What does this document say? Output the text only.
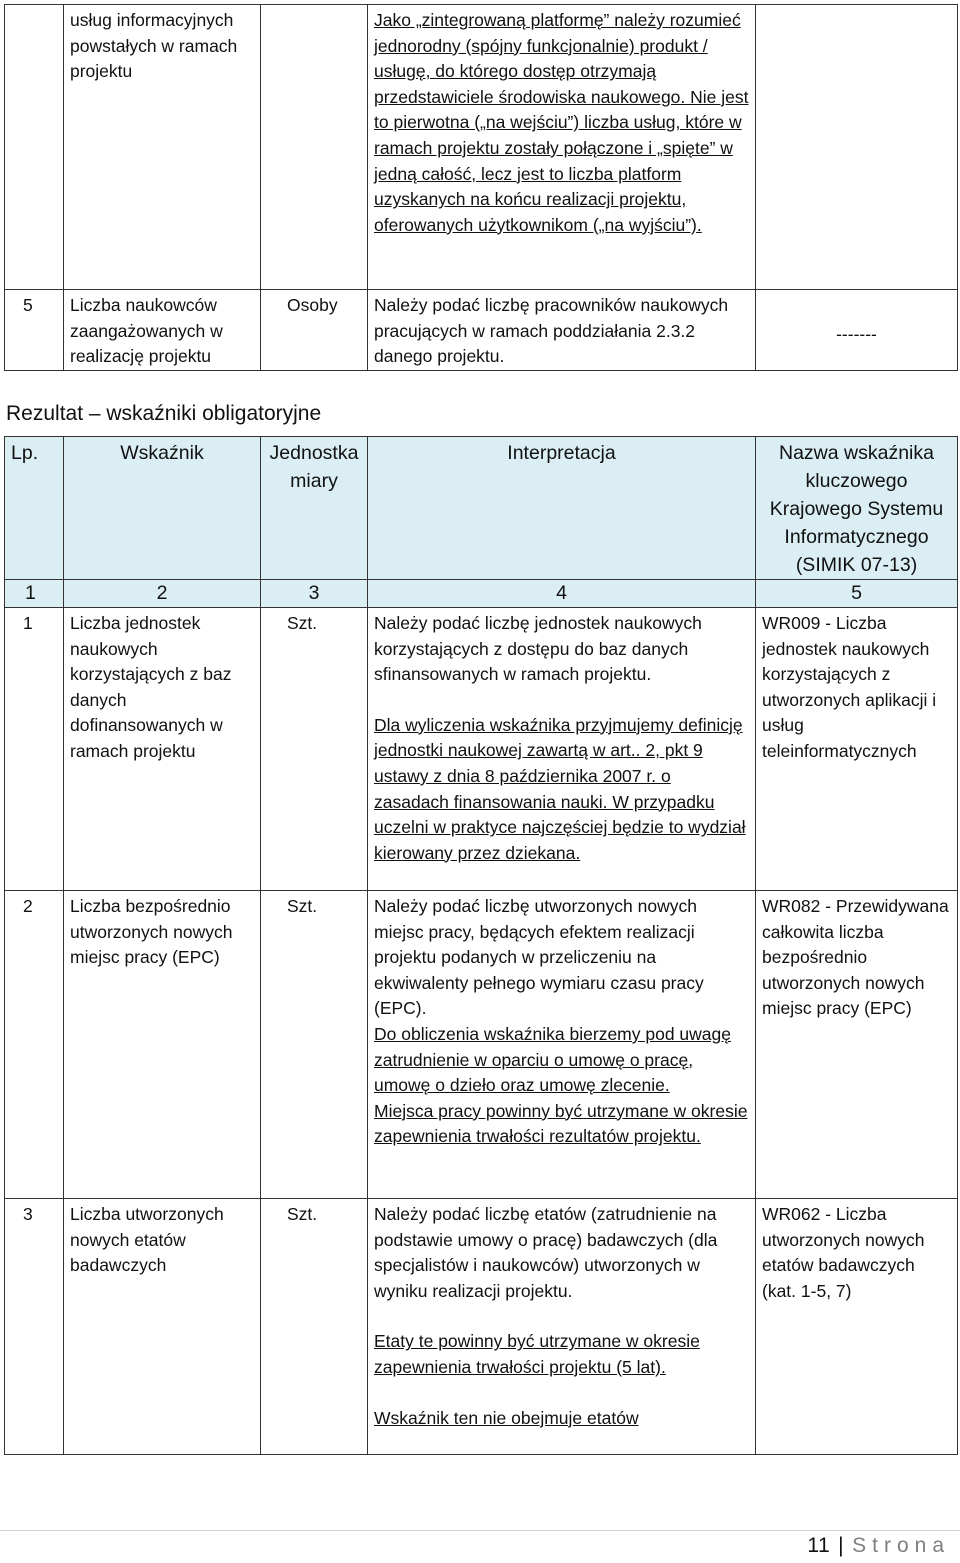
	usług informacyjnych powstałych w ramach projektu		Jako „zintegrowaną platformę” należy rozumieć jednorodny (spójny funkcjonalnie) produkt / usługę, do którego dostęp otrzymają przedstawiciele środowiska naukowego. Nie jest to pierwotna („na wejściu”) liczba usług, które w ramach projektu zostały połączone i „spięte” w jedną całość, lecz jest to liczba platform uzyskanych na końcu realizacji projektu, oferowanych użytkownikom („na wyjściu”).	
5	Liczba naukowców zaangażowanych w realizację projektu	Osoby	Należy podać liczbę pracowników naukowych pracujących w ramach poddziałania 2.3.2 danego projektu.	-------
Rezultat – wskaźniki obligatoryjne
Lp.	Wskaźnik	Jednostka miary	Interpretacja	Nazwa wskaźnika kluczowego Krajowego Systemu Informatycznego (SIMIK 07-13)
1	2	3	4	5
1	Liczba jednostek naukowych korzystających z baz danych dofinansowanych w ramach projektu	Szt.	Należy podać liczbę jednostek naukowych korzystających z dostępu do baz danych sfinansowanych w ramach projektu.

Dla wyliczenia wskaźnika przyjmujemy definicję jednostki naukowej zawartą w art.. 2, pkt 9 ustawy z dnia 8 października 2007 r. o zasadach finansowania nauki. W przypadku uczelni w praktyce najczęściej będzie to wydział kierowany przez dziekana.	WR009 - Liczba jednostek naukowych korzystających z utworzonych aplikacji i usług teleinformatycznych
2	Liczba bezpośrednio utworzonych nowych miejsc pracy (EPC)	Szt.	Należy podać liczbę utworzonych nowych miejsc pracy, będących efektem realizacji projektu podanych w przeliczeniu na ekwiwalenty pełnego wymiaru czasu pracy (EPC).

Do obliczenia wskaźnika bierzemy pod uwagę zatrudnienie w oparciu o umowę o pracę, umowę o dzieło oraz umowę zlecenie.

Miejsca pracy powinny być utrzymane w okresie zapewnienia trwałości rezultatów projektu.	WR082 - Przewidywana całkowita liczba bezpośrednio utworzonych nowych miejsc pracy (EPC)
3	Liczba utworzonych nowych etatów badawczych	Szt.	Należy podać liczbę etatów (zatrudnienie na podstawie umowy o pracę) badawczych (dla specjalistów i naukowców) utworzonych w wyniku realizacji projektu.

Etaty te powinny być utrzymane w okresie zapewnienia trwałości projektu (5 lat).

Wskaźnik ten nie obejmuje etatów	WR062 - Liczba utworzonych nowych etatów badawczych (kat. 1-5, 7)
11 | Strona
